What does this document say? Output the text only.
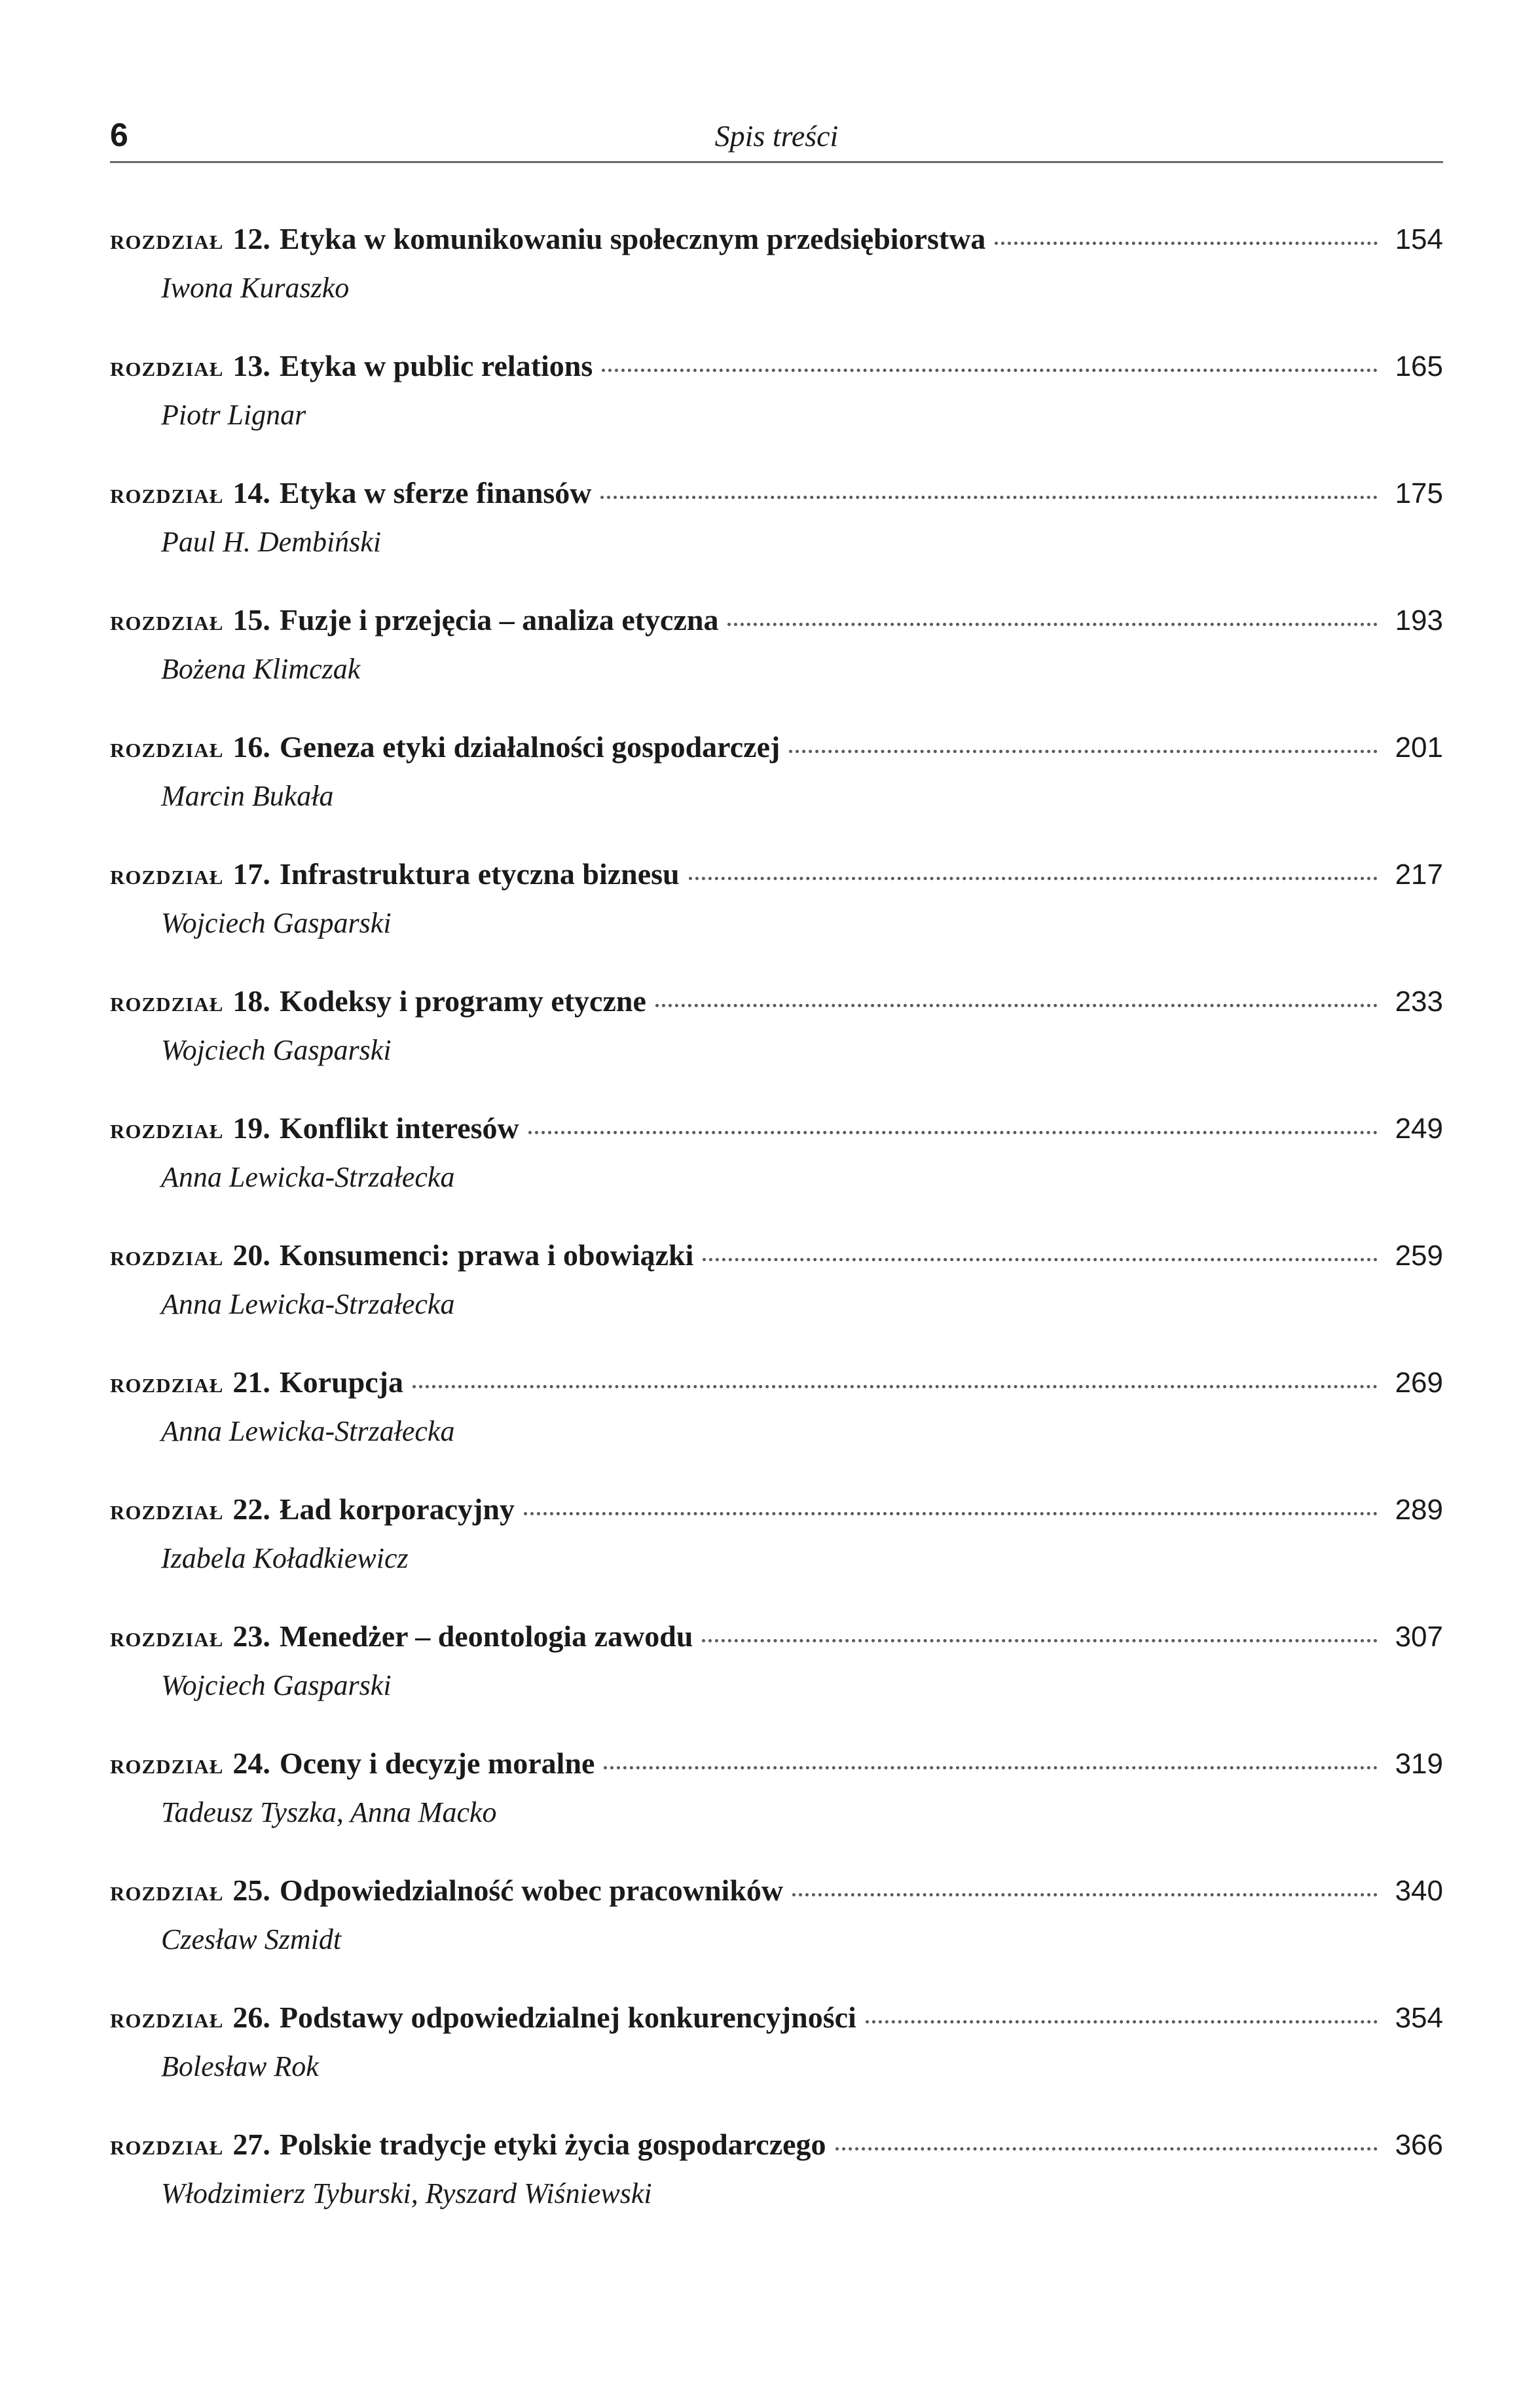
6	Spis treści
rozdział 12 . Etyka w komunikowaniu społecznym przedsiębiorstwa	154
Iwona Kuraszko
rozdział 13 . Etyka w public relations	165
Piotr Lignar
rozdział 14 . Etyka w sferze finansów	175
Paul H. Dembiński
rozdział 15 . Fuzje i przejęcia – analiza etyczna	193
Bożena Klimczak
rozdział 16 . Geneza etyki działalności gospodarczej	201
Marcin Bukała
rozdział 17 . Infrastruktura etyczna biznesu	217
Wojciech Gasparski
rozdział 18 . Kodeksy i programy etyczne	233
Wojciech Gasparski
rozdział 19 . Konflikt interesów	249
Anna Lewicka-Strzałecka
rozdział 20 . Konsumenci: prawa i obowiązki	259
Anna Lewicka-Strzałecka
rozdział 21 . Korupcja	269
Anna Lewicka-Strzałecka
rozdział 22 . Ład korporacyjny	289
Izabela Koładkiewicz
rozdział 23 . Menedżer – deontologia zawodu	307
Wojciech Gasparski
rozdział 24 . Oceny i decyzje moralne	319
Tadeusz Tyszka, Anna Macko
rozdział 25 . Odpowiedzialność wobec pracowników	340
Czesław Szmidt
rozdział 26 . Podstawy odpowiedzialnej konkurencyjności	354
Bolesław Rok
rozdział 27 . Polskie tradycje etyki życia gospodarczego	366
Włodzimierz Tyburski, Ryszard Wiśniewski
